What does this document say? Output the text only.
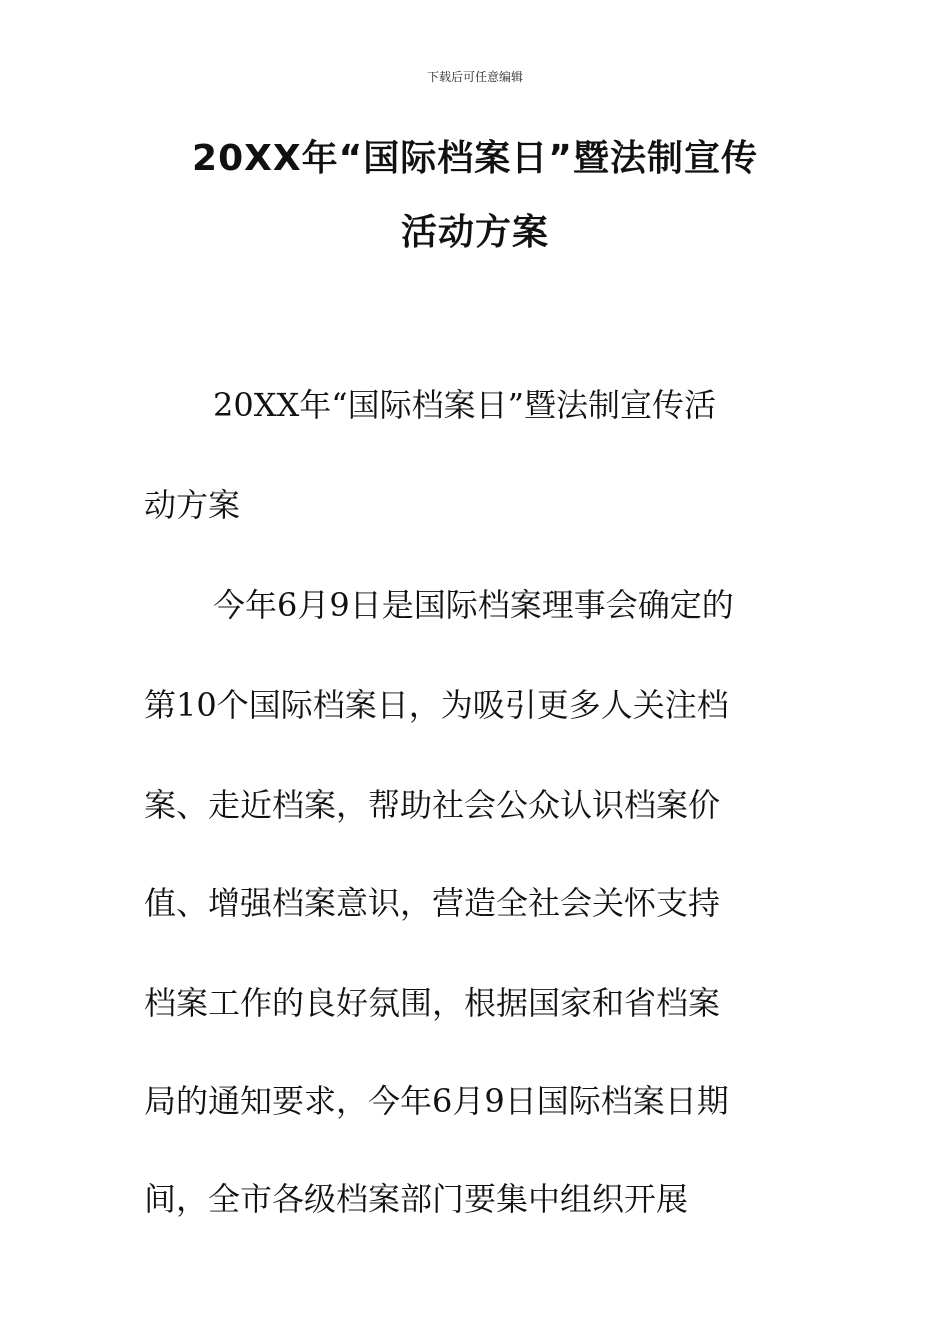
下载后可任意编辑
20XX年“国际档案日”暨法制宣传
活动方案
20XX年“国际档案日”暨法制宣传活
动方案
今年6月9日是国际档案理事会确定的
第10个国际档案日，为吸引更多人关注档
案、走近档案，帮助社会公众认识档案价
值、增强档案意识，营造全社会关怀支持
档案工作的良好氛围，根据国家和省档案
局的通知要求，今年6月9日国际档案日期
间，全市各级档案部门要集中组织开展
